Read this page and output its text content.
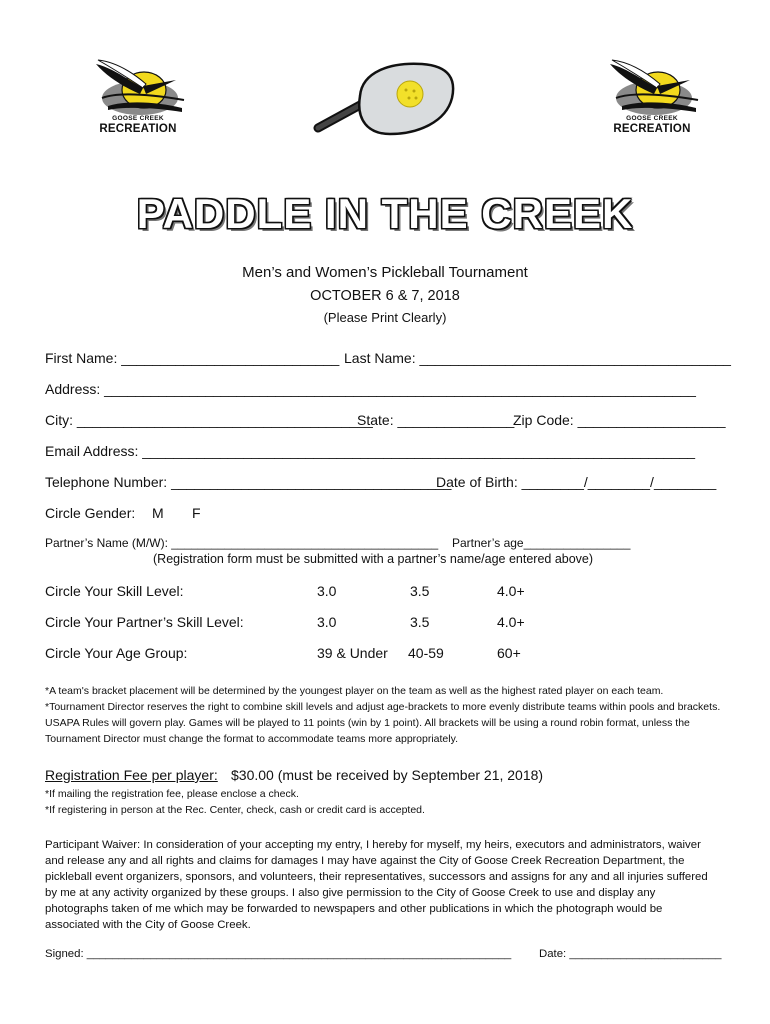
GOOSE CREEK
RECREATION
GOOSE CREEK
RECREATION
PADDLE IN THE CREEK
Men’s and Women’s Pickleball Tournament
OCTOBER 6 & 7, 2018
(Please Print Clearly)
First Name: ____________________________ Last Name: ________________________________________
Address: ____________________________________________________________________________
City: ______________________________________
State: _______________
Zip Code: ___________________
Email Address: _______________________________________________________________________
Telephone Number: ____________________________________
Date of Birth: ________/________/________
Circle Gender: M F
Partner’s Name (M/W): ________________________________________ Partner’s age________________
(Registration form must be submitted with a partner’s name/age entered above)
Circle Your Skill Level:	3.0	3.5	4.0+
Circle Your Partner’s Skill Level:	3.0	3.5	4.0+
Circle Your Age Group:	39 & Under 40-59	60+
*A team's bracket placement will be determined by the youngest player on the team as well as the highest rated player on each team.
*Tournament Director reserves the right to combine skill levels and adjust age-brackets to more evenly distribute teams within pools and brackets.
USAPA Rules will govern play. Games will be played to 11 points (win by 1 point). All brackets will be using a round robin format, unless the
Tournament Director must change the format to accommodate teams more appropriately.
Registration Fee per player: $30.00 (must be received by September 21, 2018)
*If mailing the registration fee, please enclose a check.
*If registering in person at the Rec. Center, check, cash or credit card is accepted.
Participant Waiver: In consideration of your accepting my entry, I hereby for myself, my heirs, executors and administrators, waiver
and release any and all rights and claims for damages I may have against the City of Goose Creek Recreation Department, the
pickleball event organizers, sponsors, and volunteers, their representatives, successors and assigns for any and all injuries suffered
by me at any activity organized by these groups. I also give permission to the City of Goose Creek to use and display any
photographs taken of me which may be forwarded to newspapers and other publications in which the photograph would be
associated with the City of Goose Creek.
Signed: ___________________________________________________________________ Date: ________________________
